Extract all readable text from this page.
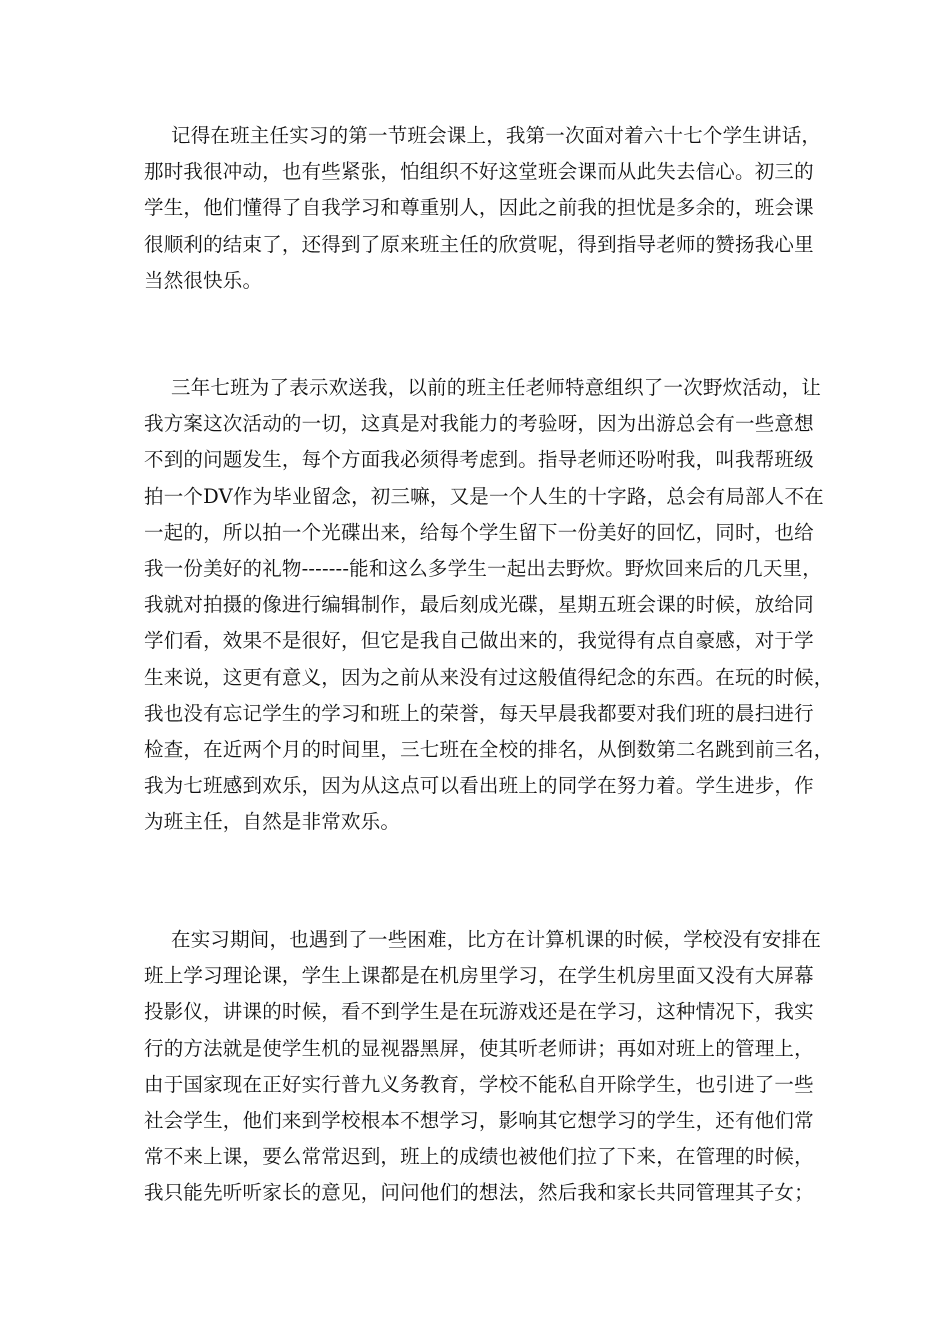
记得在班主任实习的第一节班会课上，我第一次面对着六十七个学生讲话，
那时我很冲动，也有些紧张，怕组织不好这堂班会课而从此失去信心。初三的
学生，他们懂得了自我学习和尊重别人，因此之前我的担忧是多余的，班会课
很顺利的结束了，还得到了原来班主任的欣赏呢，得到指导老师的赞扬我心里
当然很快乐。
三年七班为了表示欢送我，以前的班主任老师特意组织了一次野炊活动，让
我方案这次活动的一切，这真是对我能力的考验呀，因为出游总会有一些意想
不到的问题发生，每个方面我必须得考虑到。指导老师还吩咐我，叫我帮班级
拍一个DV作为毕业留念，初三嘛，又是一个人生的十字路，总会有局部人不在
一起的，所以拍一个光碟出来，给每个学生留下一份美好的回忆，同时，也给
我一份美好的礼物-------能和这么多学生一起出去野炊。野炊回来后的几天里，
我就对拍摄的像进行编辑制作，最后刻成光碟，星期五班会课的时候，放给同
学们看，效果不是很好，但它是我自己做出来的，我觉得有点自豪感，对于学
生来说，这更有意义，因为之前从来没有过这般值得纪念的东西。在玩的时候，
我也没有忘记学生的学习和班上的荣誉，每天早晨我都要对我们班的晨扫进行
检查，在近两个月的时间里，三七班在全校的排名，从倒数第二名跳到前三名，
我为七班感到欢乐，因为从这点可以看出班上的同学在努力着。学生进步，作
为班主任，自然是非常欢乐。
在实习期间，也遇到了一些困难，比方在计算机课的时候，学校没有安排在
班上学习理论课，学生上课都是在机房里学习，在学生机房里面又没有大屏幕
投影仪，讲课的时候，看不到学生是在玩游戏还是在学习，这种情况下，我实
行的方法就是使学生机的显视器黑屏，使其听老师讲；再如对班上的管理上，
由于国家现在正好实行普九义务教育，学校不能私自开除学生，也引进了一些
社会学生，他们来到学校根本不想学习，影响其它想学习的学生，还有他们常
常不来上课，要么常常迟到，班上的成绩也被他们拉了下来，在管理的时候，
我只能先听听家长的意见，问问他们的想法，然后我和家长共同管理其子女；
